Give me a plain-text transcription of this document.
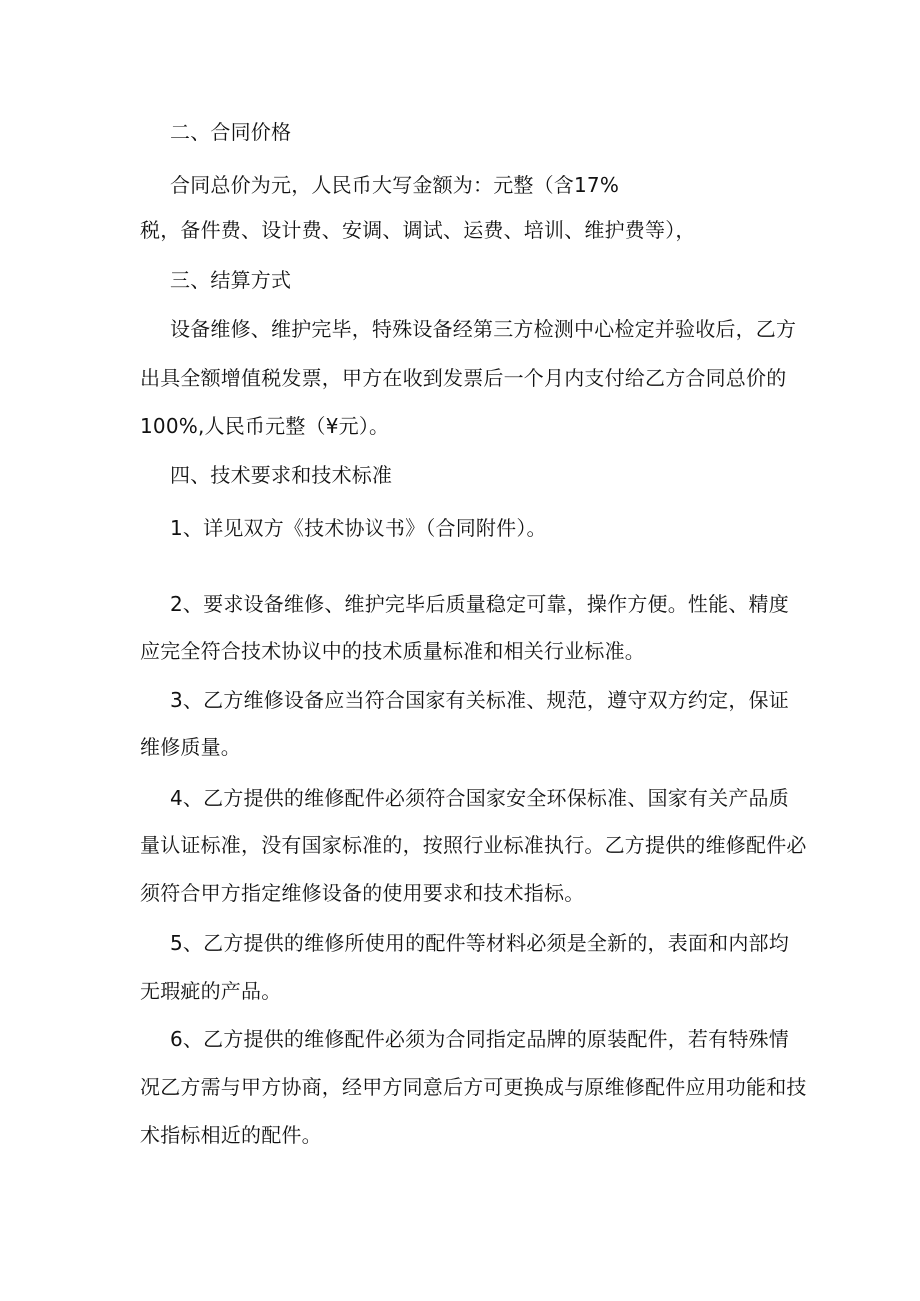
二、合同价格
合同总价为元，人民币大写金额为：元整（含17%
税，备件费、设计费、安调、调试、运费、培训、维护费等），
三、结算方式
设备维修、维护完毕，特殊设备经第三方检测中心检定并验收后，乙方
出具全额增值税发票，甲方在收到发票后一个月内支付给乙方合同总价的
100%,人民币元整（¥元）。
四、技术要求和技术标准
1、详见双方《技术协议书》（合同附件）。
2、要求设备维修、维护完毕后质量稳定可靠，操作方便。性能、精度
应完全符合技术协议中的技术质量标准和相关行业标准。
3、乙方维修设备应当符合国家有关标准、规范，遵守双方约定，保证
维修质量。
4、乙方提供的维修配件必须符合国家安全环保标准、国家有关产品质
量认证标准，没有国家标准的，按照行业标准执行。乙方提供的维修配件必
须符合甲方指定维修设备的使用要求和技术指标。
5、乙方提供的维修所使用的配件等材料必须是全新的，表面和内部均
无瑕疵的产品。
6、乙方提供的维修配件必须为合同指定品牌的原装配件，若有特殊情
况乙方需与甲方协商，经甲方同意后方可更换成与原维修配件应用功能和技
术指标相近的配件。
